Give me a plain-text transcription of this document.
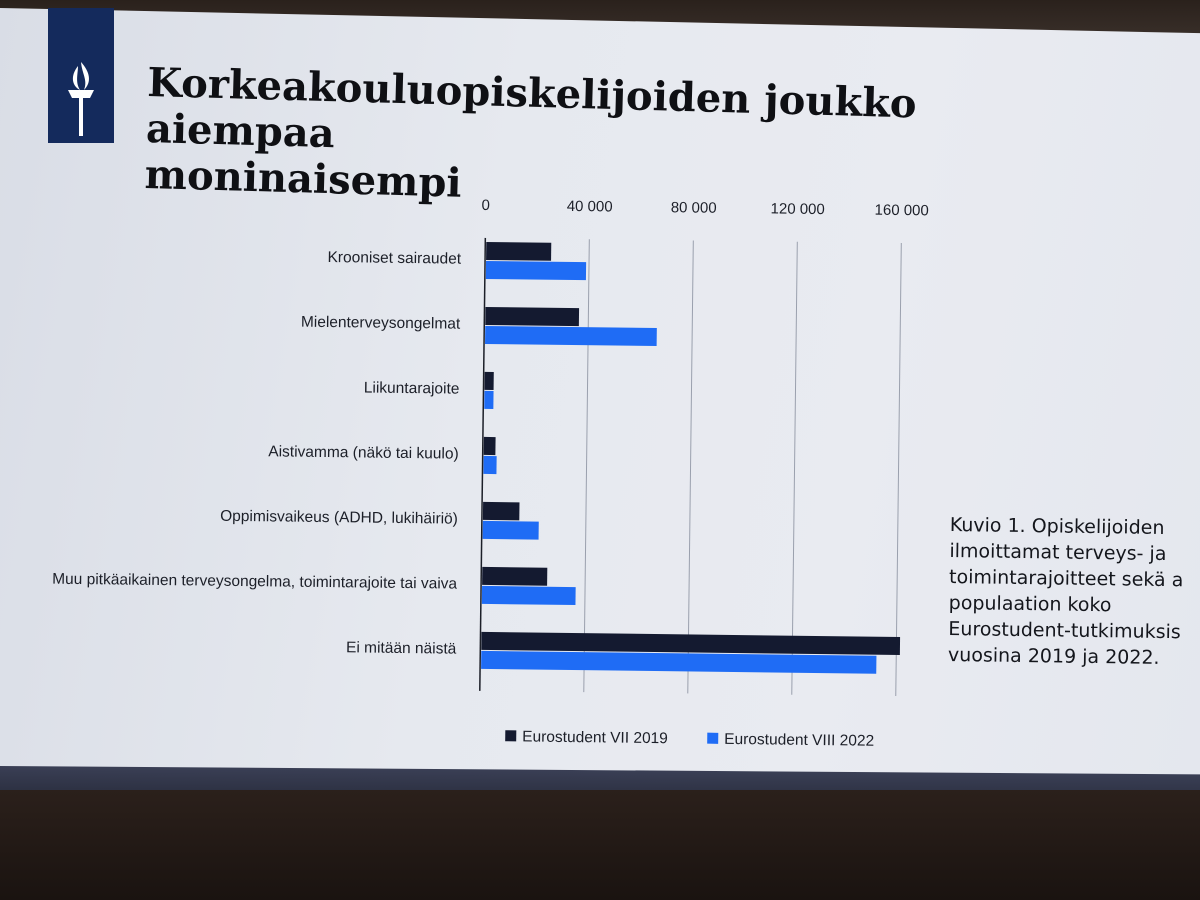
Korkeakouluopiskelijoiden joukko aiempaa
moninaisempi	0	40 000	80 000	120 000	160 000
Krooniset sairaudet
Mielenterveysongelmat
Liikuntarajoite
Aistivamma (näkö tai kuulo)
Oppimisvaikeus (ADHD, lukihäiriö)
Muu pitkäaikainen terveysongelma, toimintarajoite tai vaiva
Ei mitään näistä
Eurostudent VII 2019	Eurostudent VIII 2022
Kuvio 1. Opiskelijoiden
ilmoittamat terveys- ja
toimintarajoitteet sekä a
populaation koko
Eurostudent-tutkimuksis
vuosina 2019 ja 2022.
